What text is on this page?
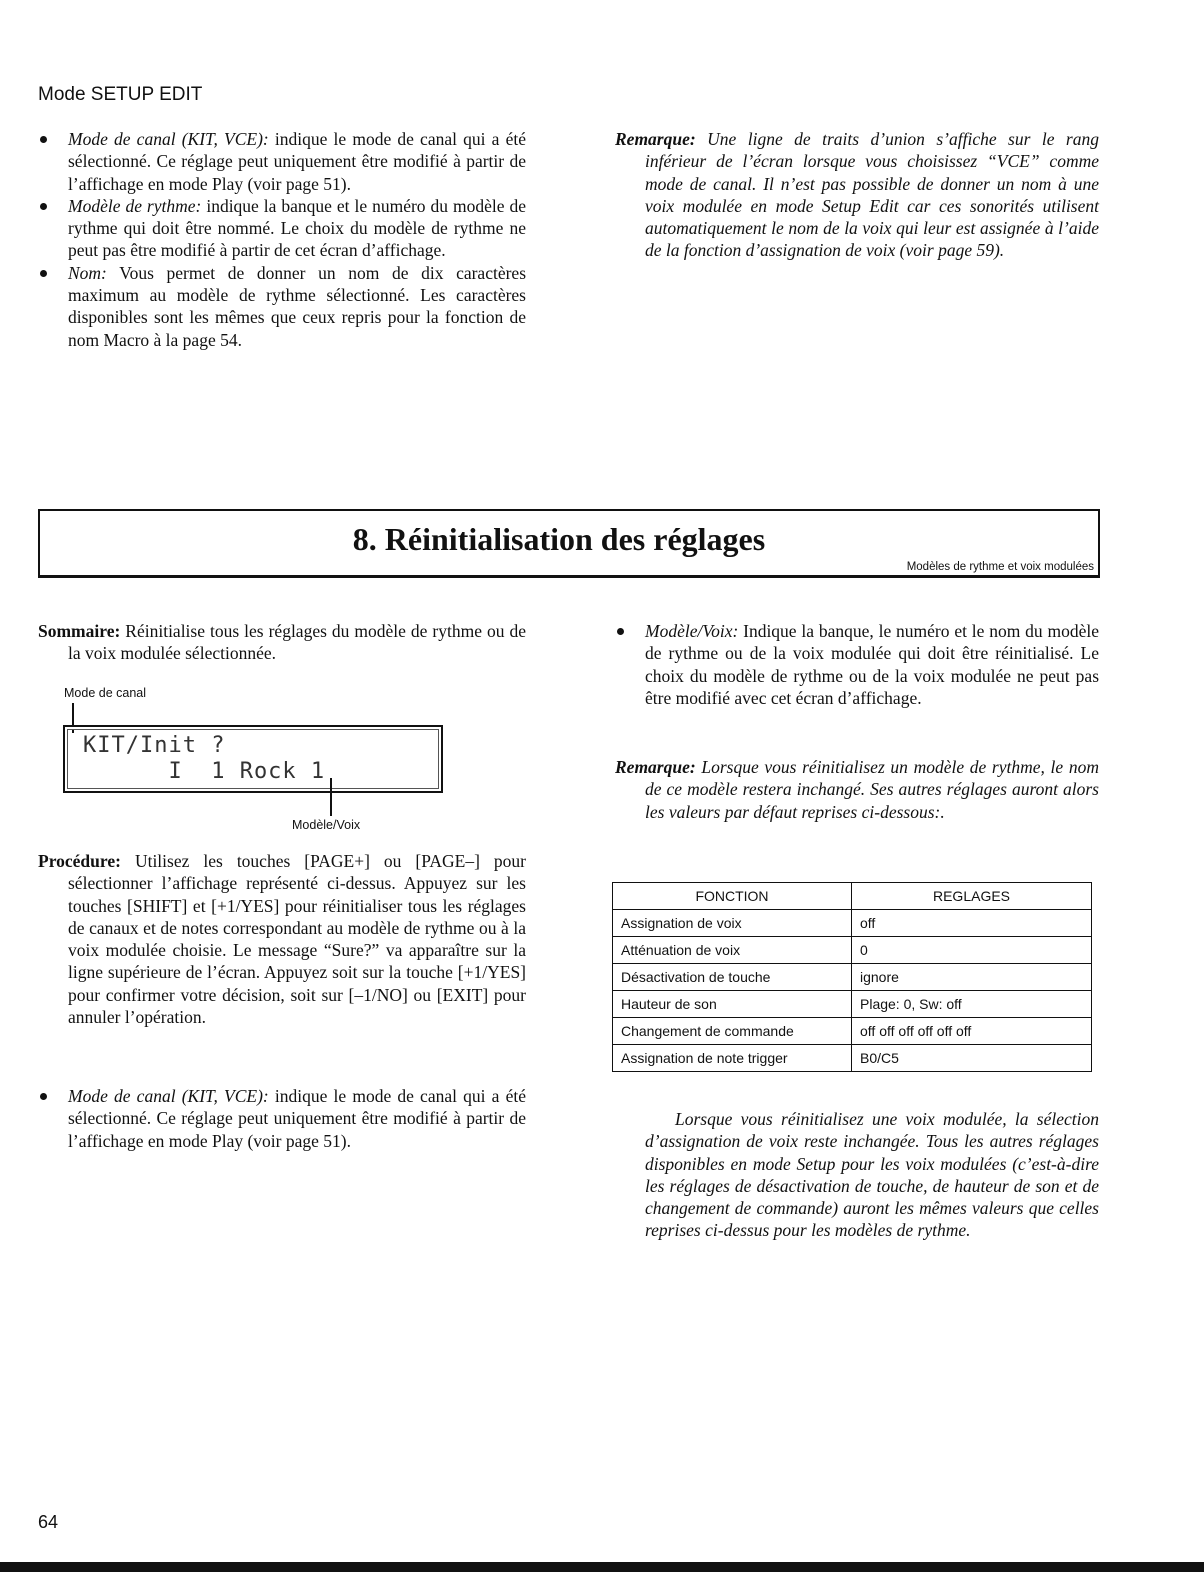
Mode SETUP EDIT

Mode de canal (KIT, VCE): indique le mode de canal qui a été sélectionné. Ce réglage peut uniquement être modifié à partir de l’affichage en mode Play (voir page 51).

Modèle de rythme: indique la banque et le numéro du modèle de rythme qui doit être nommé. Le choix du modèle de rythme ne peut pas être modifié à partir de cet écran d’affichage.

Nom: Vous permet de donner un nom de dix caractères maximum au modèle de rythme sélectionné. Les caractères disponibles sont les mêmes que ceux repris pour la fonction de nom Macro à la page 54.

Remarque: Une ligne de traits d’union s’affiche sur le rang inférieur de l’écran lorsque vous choisissez “VCE” comme mode de canal. Il n’est pas possible de donner un nom à une voix modulée en mode Setup Edit car ces sonorités utilisent automatiquement le nom de la voix qui leur est assignée à l’aide de la fonction d’assignation de voix (voir page 59).

8. Réinitialisation des réglages
Modèles de rythme et voix modulées

Sommaire: Réinitialise tous les réglages du modèle de rythme ou de la voix modulée sélectionnée.

Mode de canal
KIT/Init ?
I  1 Rock 1
Modèle/Voix

Procédure: Utilisez les touches [PAGE+] ou [PAGE–] pour sélectionner l’affichage représenté ci-dessus. Appuyez sur les touches [SHIFT] et [+1/YES] pour réinitialiser tous les réglages de canaux et de notes correspondant au modèle de rythme ou à la voix modulée choisie. Le message “Sure?” va apparaître sur la ligne supérieure de l’écran. Appuyez soit sur la touche [+1/YES] pour confirmer votre décision, soit sur [–1/NO] ou [EXIT] pour annuler l’opération.

Mode de canal (KIT, VCE): indique le mode de canal qui a été sélectionné. Ce réglage peut uniquement être modifié à partir de l’affichage en mode Play (voir page 51).

Modèle/Voix: Indique la banque, le numéro et le nom du modèle de rythme ou de la voix modulée qui doit être réinitialisé. Le choix du modèle de rythme ou de la voix modulée ne peut pas être modifié avec cet écran d’affichage.

Remarque: Lorsque vous réinitialisez un modèle de rythme, le nom de ce modèle restera inchangé. Ses autres réglages auront alors les valeurs par défaut reprises ci-dessous:.

FONCTION	REGLAGES
Assignation de voix	off
Atténuation de voix	0
Désactivation de touche	ignore
Hauteur de son	Plage: 0, Sw: off
Changement de commande	off off off off off off
Assignation de note trigger	B0/C5

Lorsque vous réinitialisez une voix modulée, la sélection d’assignation de voix reste inchangée. Tous les autres réglages disponibles en mode Setup pour les voix modulées (c’est-à-dire les réglages de désactivation de touche, de hauteur de son et de changement de commande) auront les mêmes valeurs que celles reprises ci-dessus pour les modèles de rythme.

64
